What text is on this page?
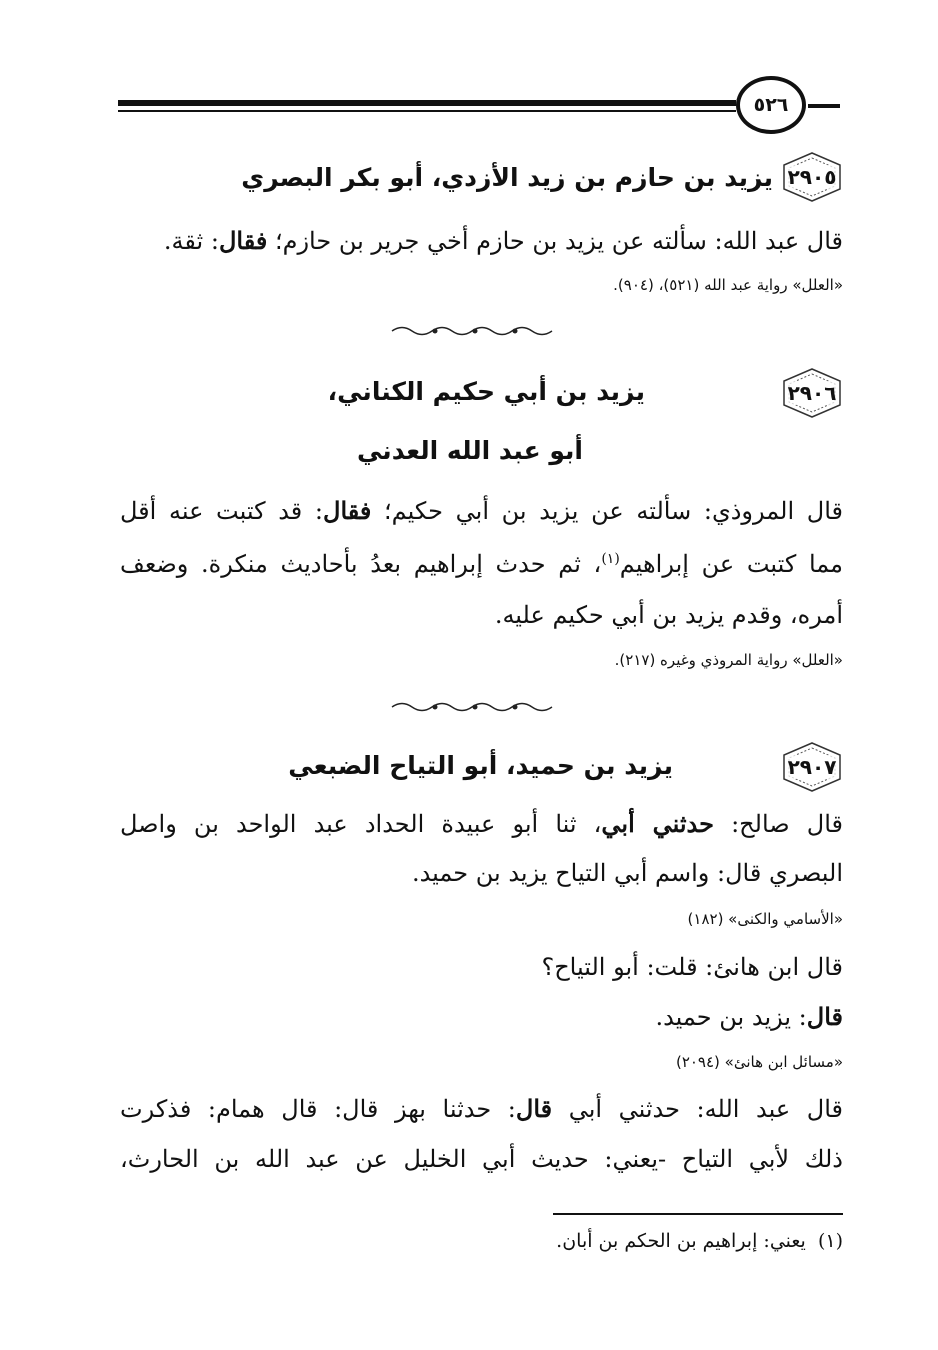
٥٢٦
٢٩٠٥
يزيد بن حازم بن زيد الأزدي، أبو بكر البصري
قال عبد الله: سألته عن يزيد بن حازم أخي جرير بن حازم؛ فقال: ثقة.
«العلل» رواية عبد الله (٥٢١)، (٩٠٤).
٢٩٠٦
يزيد بن أبي حكيم الكناني،
أبو عبد الله العدني
قال المروذي: سألته عن يزيد بن أبي حكيم؛ فقال: قد كتبت عنه أقل
مما كتبت عن إبراهيم$^{(١)}$، ثم حدث إبراهيم بعدُ بأحاديث منكرة. وضعف
أمره، وقدم يزيد بن أبي حكيم عليه.
«العلل» رواية المروذي وغيره (٢١٧).
٢٩٠٧
يزيد بن حميد، أبو التياح الضبعي
قال صالح: حدثني أبي، ثنا أبو عبيدة الحداد عبد الواحد بن واصل
البصري قال: واسم أبي التياح يزيد بن حميد.
«الأسامي والكنى» (١٨٢)
قال ابن هانئ: قلت: أبو التياح؟
قال: يزيد بن حميد.
«مسائل ابن هانئ» (٢٠٩٤)
قال عبد الله: حدثني أبي قال: حدثنا بهز قال: قال همام: فذكرت
ذلك لأبي التياح -يعني: حديث أبي الخليل عن عبد الله بن الحارث،
(١)  يعني: إبراهيم بن الحكم بن أبان.
